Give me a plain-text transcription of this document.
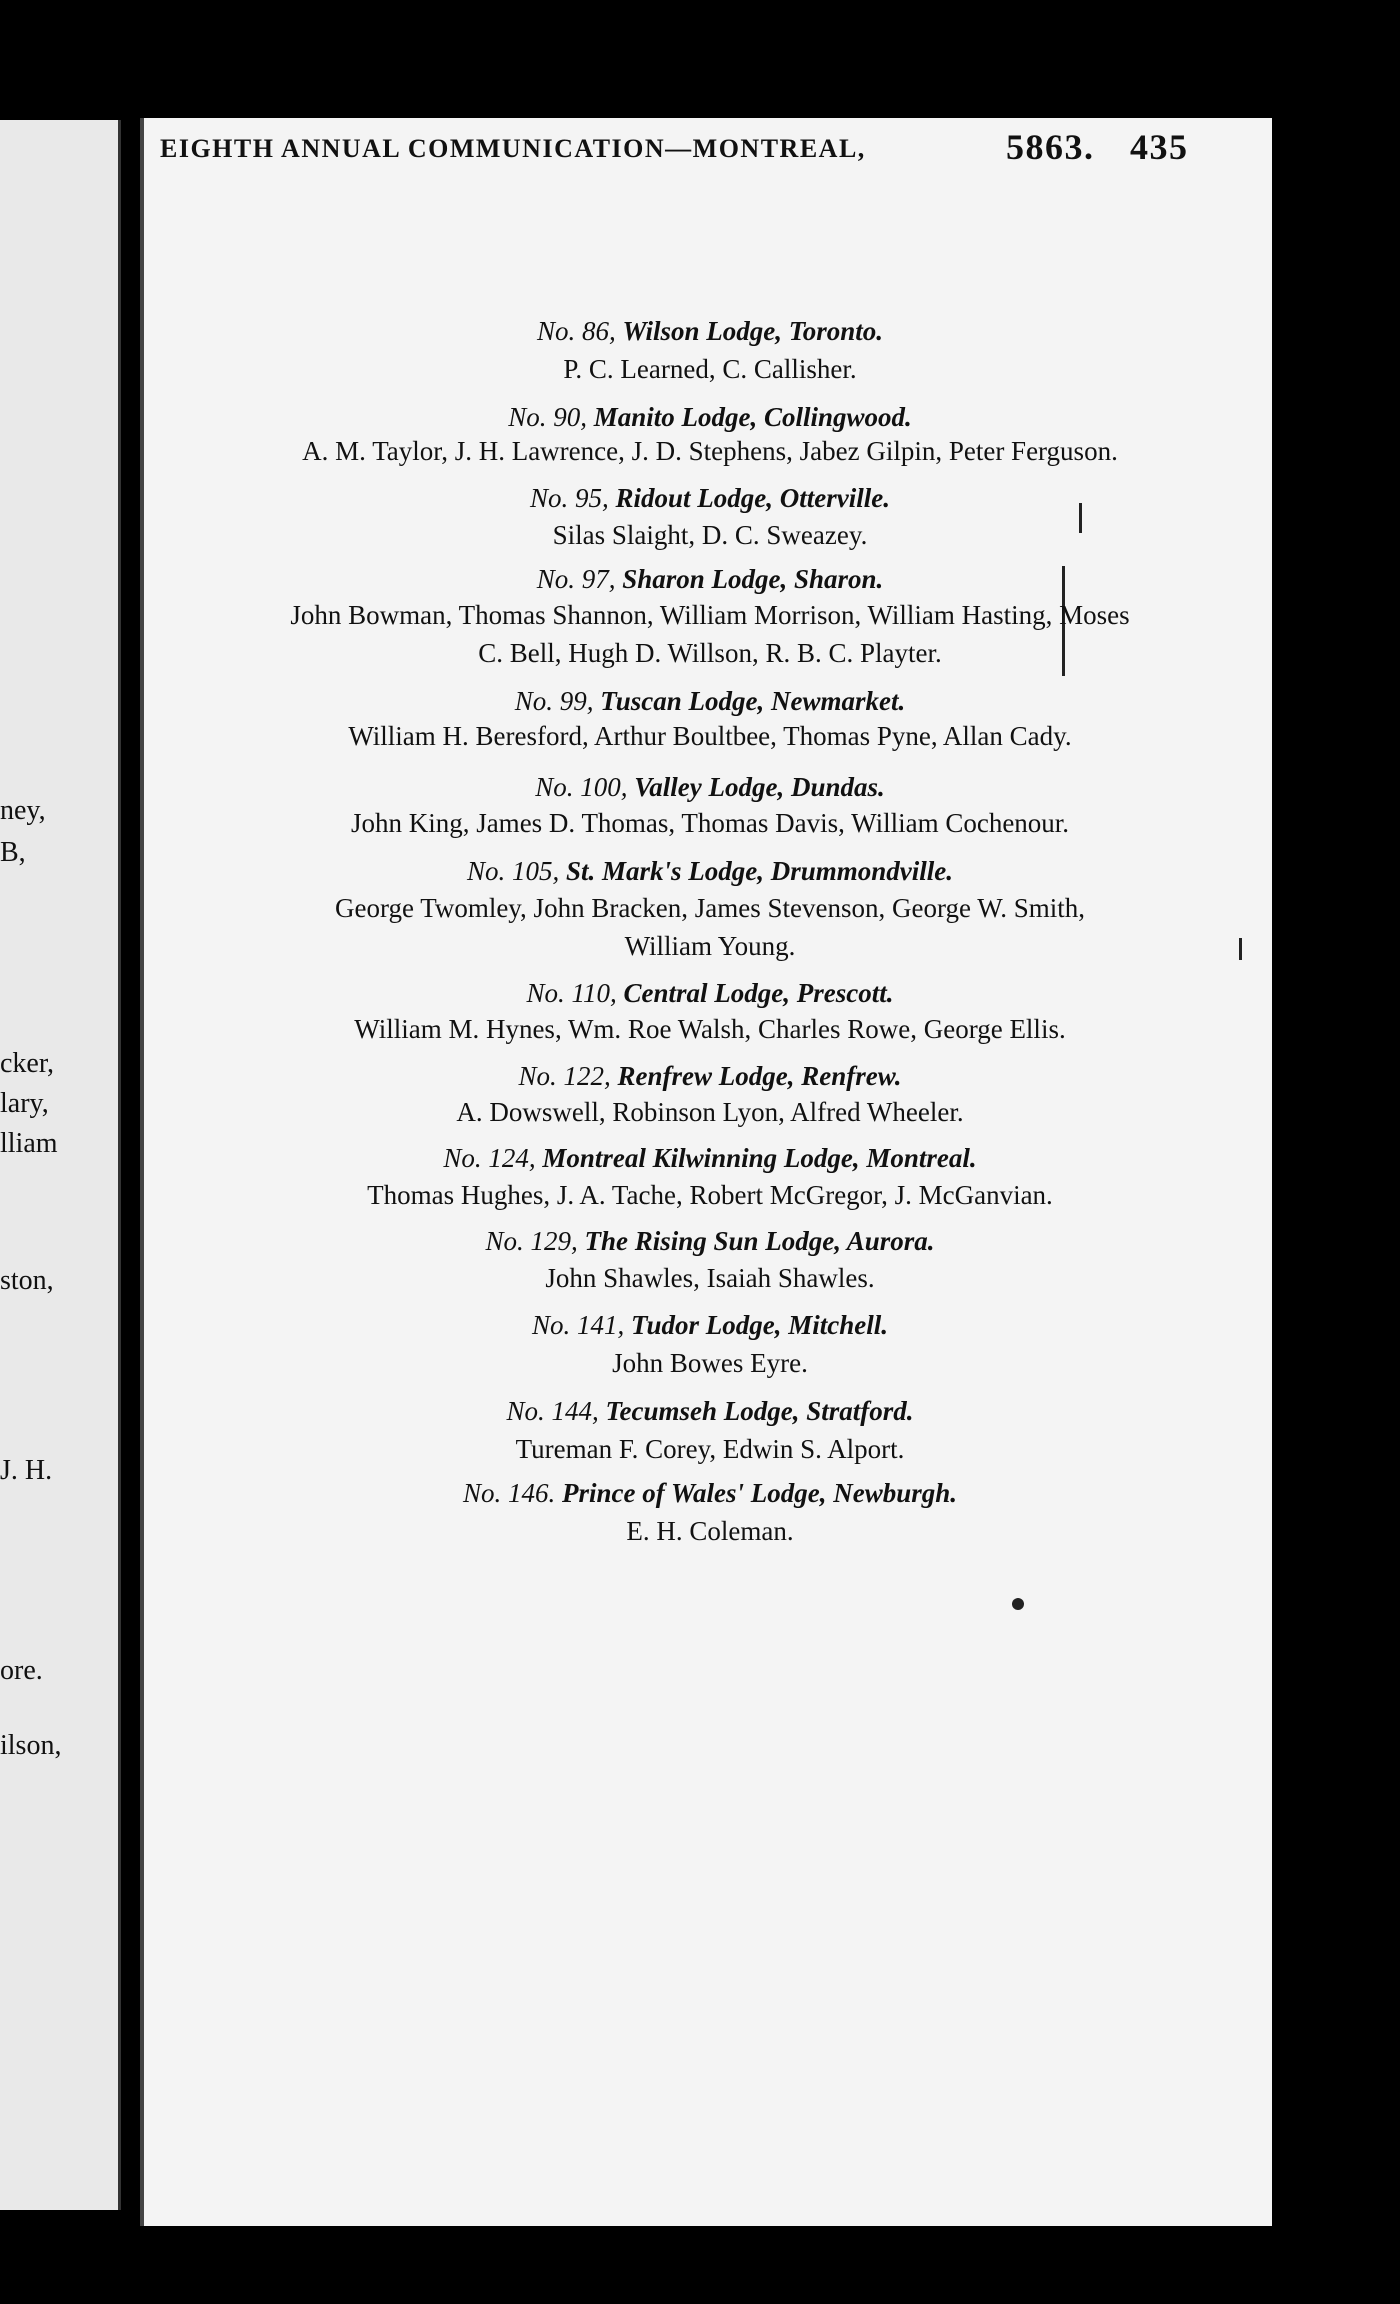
ney,
B,
cker,
lary,
lliam
ston,
J. H.
ore.
ilson,
EIGHTH ANNUAL COMMUNICATION—MONTREAL,	5863. 435
No. 86, Wilson Lodge, Toronto.
P. C. Learned, C. Callisher.
No. 90, Manito Lodge, Collingwood.
A. M. Taylor, J. H. Lawrence, J. D. Stephens, Jabez Gilpin, Peter Ferguson.
No. 95, Ridout Lodge, Otterville.
Silas Slaight, D. C. Sweazey.
No. 97, Sharon Lodge, Sharon.
John Bowman, Thomas Shannon, William Morrison, William Hasting, Moses
C. Bell, Hugh D. Willson, R. B. C. Playter.
No. 99, Tuscan Lodge, Newmarket.
William H. Beresford, Arthur Boultbee, Thomas Pyne, Allan Cady.
No. 100, Valley Lodge, Dundas.
John King, James D. Thomas, Thomas Davis, William Cochenour.
No. 105, St. Mark's Lodge, Drummondville.
George Twomley, John Bracken, James Stevenson, George W. Smith,
William Young.
No. 110, Central Lodge, Prescott.
William M. Hynes, Wm. Roe Walsh, Charles Rowe, George Ellis.
No. 122, Renfrew Lodge, Renfrew.
A. Dowswell, Robinson Lyon, Alfred Wheeler.
No. 124, Montreal Kilwinning Lodge, Montreal.
Thomas Hughes, J. A. Tache, Robert McGregor, J. McGanvian.
No. 129, The Rising Sun Lodge, Aurora.
John Shawles, Isaiah Shawles.
No. 141, Tudor Lodge, Mitchell.
John Bowes Eyre.
No. 144, Tecumseh Lodge, Stratford.
Tureman F. Corey, Edwin S. Alport.
No. 146. Prince of Wales' Lodge, Newburgh.
E. H. Coleman.
